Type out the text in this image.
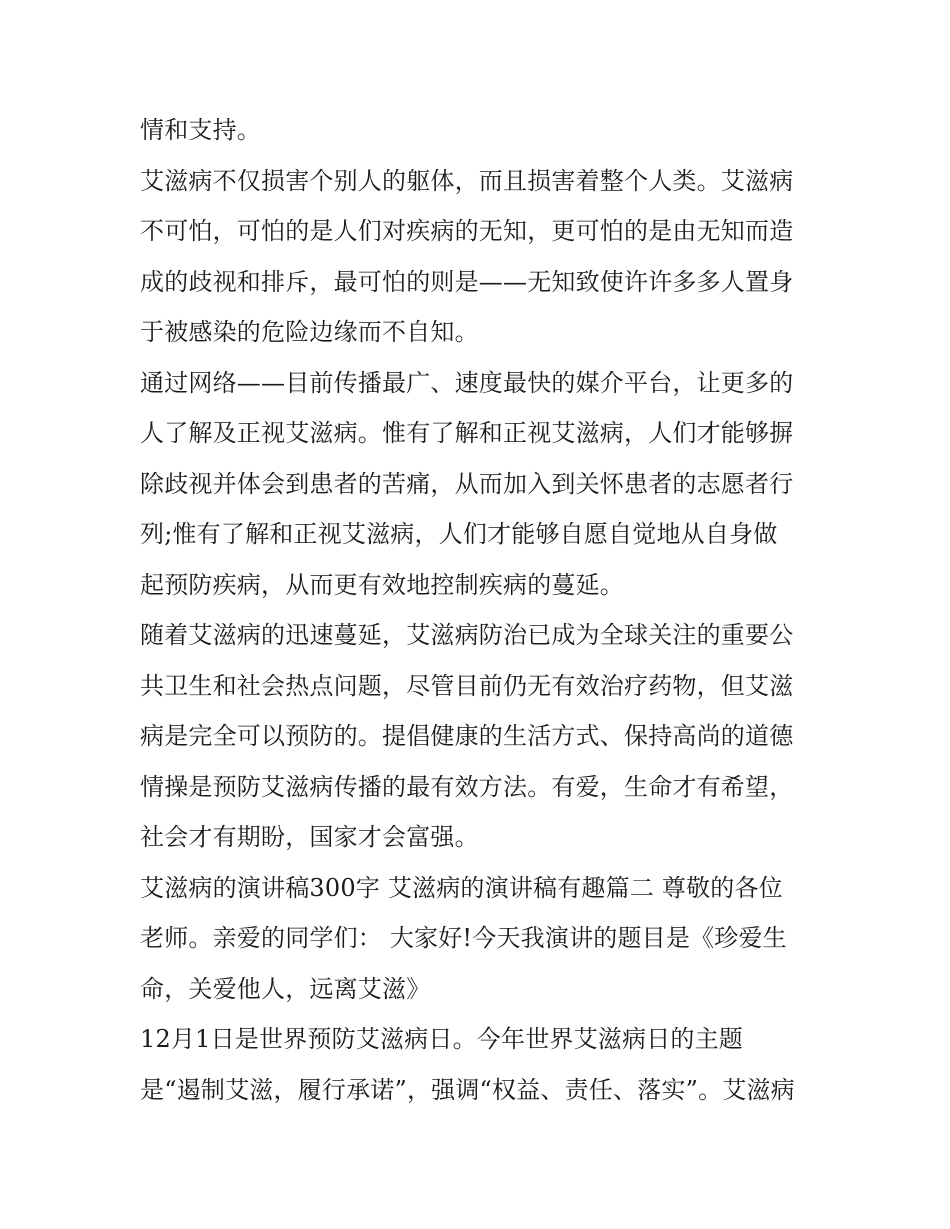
情和支持。
艾滋病不仅损害个别人的躯体，而且损害着整个人类。艾滋病
不可怕，可怕的是人们对疾病的无知，更可怕的是由无知而造
成的歧视和排斥，最可怕的则是——无知致使许许多多人置身
于被感染的危险边缘而不自知。
通过网络——目前传播最广、速度最快的媒介平台，让更多的
人了解及正视艾滋病。惟有了解和正视艾滋病，人们才能够摒
除歧视并体会到患者的苦痛，从而加入到关怀患者的志愿者行
列;惟有了解和正视艾滋病，人们才能够自愿自觉地从自身做
起预防疾病，从而更有效地控制疾病的蔓延。
随着艾滋病的迅速蔓延，艾滋病防治已成为全球关注的重要公
共卫生和社会热点问题，尽管目前仍无有效治疗药物，但艾滋
病是完全可以预防的。提倡健康的生活方式、保持高尚的道德
情操是预防艾滋病传播的最有效方法。有爱，生命才有希望，
社会才有期盼，国家才会富强。
艾滋病的演讲稿300字 艾滋病的演讲稿有趣篇二 尊敬的各位
老师。亲爱的同学们： 大家好!今天我演讲的题目是《珍爱生
命，关爱他人，远离艾滋》
12月1日是世界预防艾滋病日。今年世界艾滋病日的主题
是“遏制艾滋，履行承诺”，强调“权益、责任、落实”。艾滋病
